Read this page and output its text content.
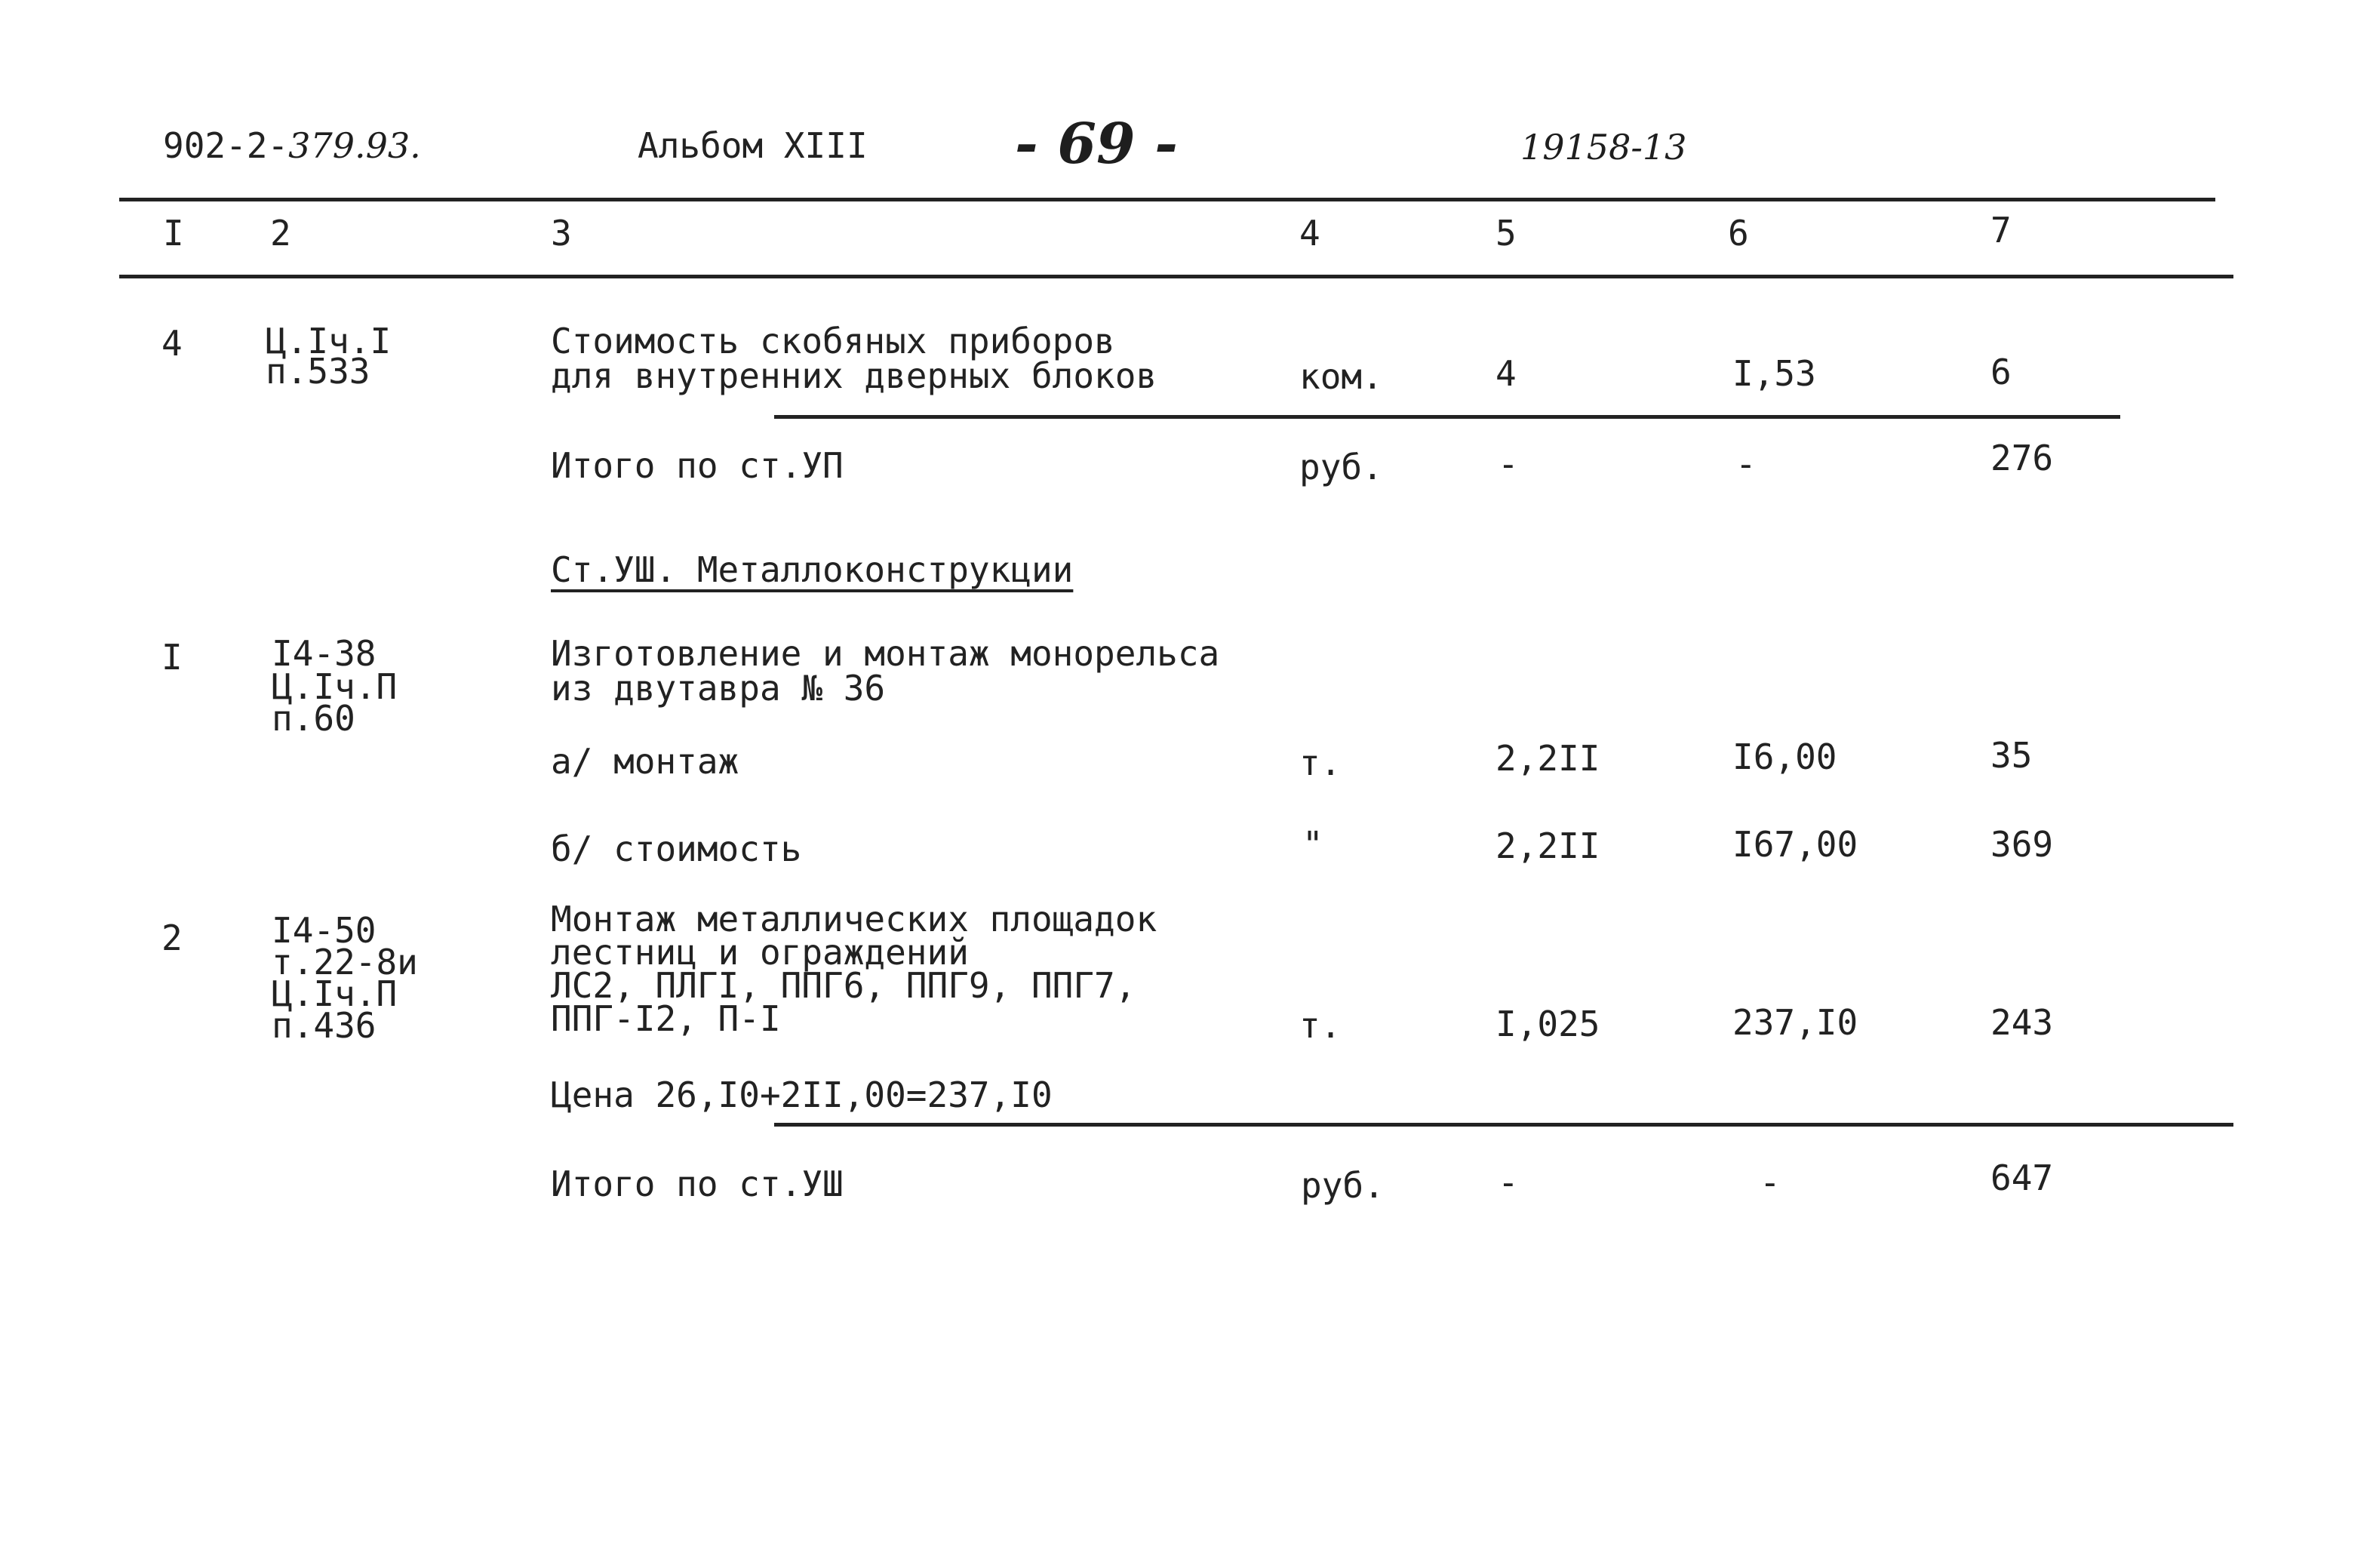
902-2-379.93.	Альбом XIII	- 69 -	19158-13
I 2	3	4	5	6	7
4 Ц.Iч.I
п.533
Стоимость скобяных приборов
для внутренних дверных блоков	ком.	4	I,53	6
Итого по ст.УП	руб.	-	-	276
Ст.УШ. Металлоконструкции
I	I4-38
Ц.Iч.П
п.60
Изготовление и монтаж монорельса
из двутавра № 36
а/ монтаж	т.	2,2II	I6,00	35
б/ стоимость	"	2,2II	I67,00	369
2	I4-50
т.22-8и
Ц.Iч.П
п.436
Монтаж металлических площадок
лестниц и ограждений
ЛС2, ПЛГI, ППГ6, ППГ9, ППГ7,
ППГ-I2, П-I	т.	I,025	237,I0	243
Цена 26,I0+2II,00=237,I0
Итого по ст.УШ	руб.	-	-	647
